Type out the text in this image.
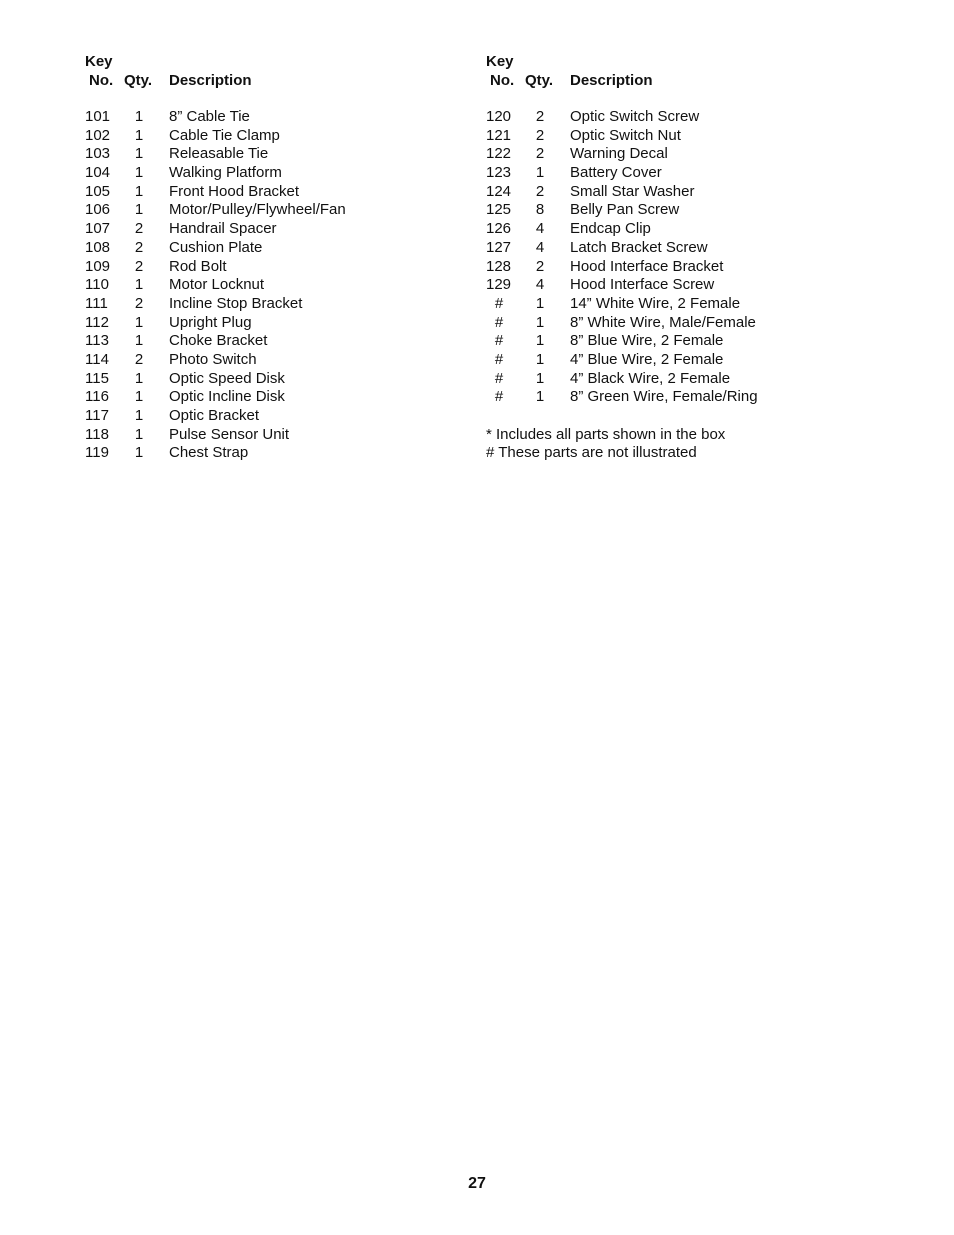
Key
No. Qty. Description
101	1 8” Cable Tie
102	1 Cable Tie Clamp
103	1 Releasable Tie
104	1 Walking Platform
105	1 Front Hood Bracket
106	1 Motor/Pulley/Flywheel/Fan
107	2 Handrail Spacer
108	2 Cushion Plate
109	2 Rod Bolt
110	1 Motor Locknut
111	2 Incline Stop Bracket
112	1 Upright Plug
113	1 Choke Bracket
114	2 Photo Switch
115	1 Optic Speed Disk
116	1 Optic Incline Disk
117	1 Optic Bracket
118	1 Pulse Sensor Unit
119	1 Chest Strap
Key
No. Qty. Description
120	2 Optic Switch Screw
121	2 Optic Switch Nut
122	2 Warning Decal
123	1 Battery Cover
124	2 Small Star Washer
125	8 Belly Pan Screw
126	4 Endcap Clip
127	4 Latch Bracket Screw
128	2 Hood Interface Bracket
129	4 Hood Interface Screw
#	1 14” White Wire, 2 Female
#	1 8” White Wire, Male/Female
#	1 8” Blue Wire, 2 Female
#	1 4” Blue Wire, 2 Female
#	1 4” Black Wire, 2 Female
#	1 8” Green Wire, Female/Ring
* Includes all parts shown in the box
# These parts are not illustrated
27
